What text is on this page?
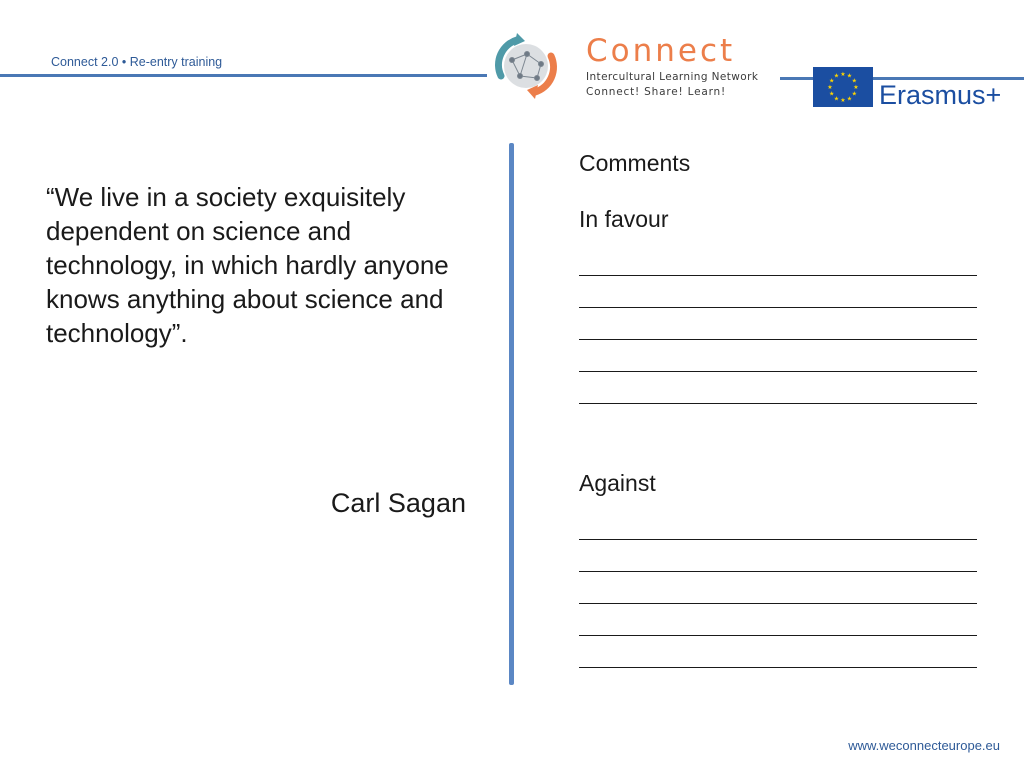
Connect 2.0 • Re-entry training	Connect
Intercultural Learning Network
Connect! Share! Learn!
★ ★
★
★
★
★
★
★
★
★
★
★
Erasmus+
“We live in a society exquisitely dependent on science and technology, in which hardly anyone knows anything about science and technology”.
Carl Sagan
Comments
In favour
Against
www.weconnecteurope.eu
